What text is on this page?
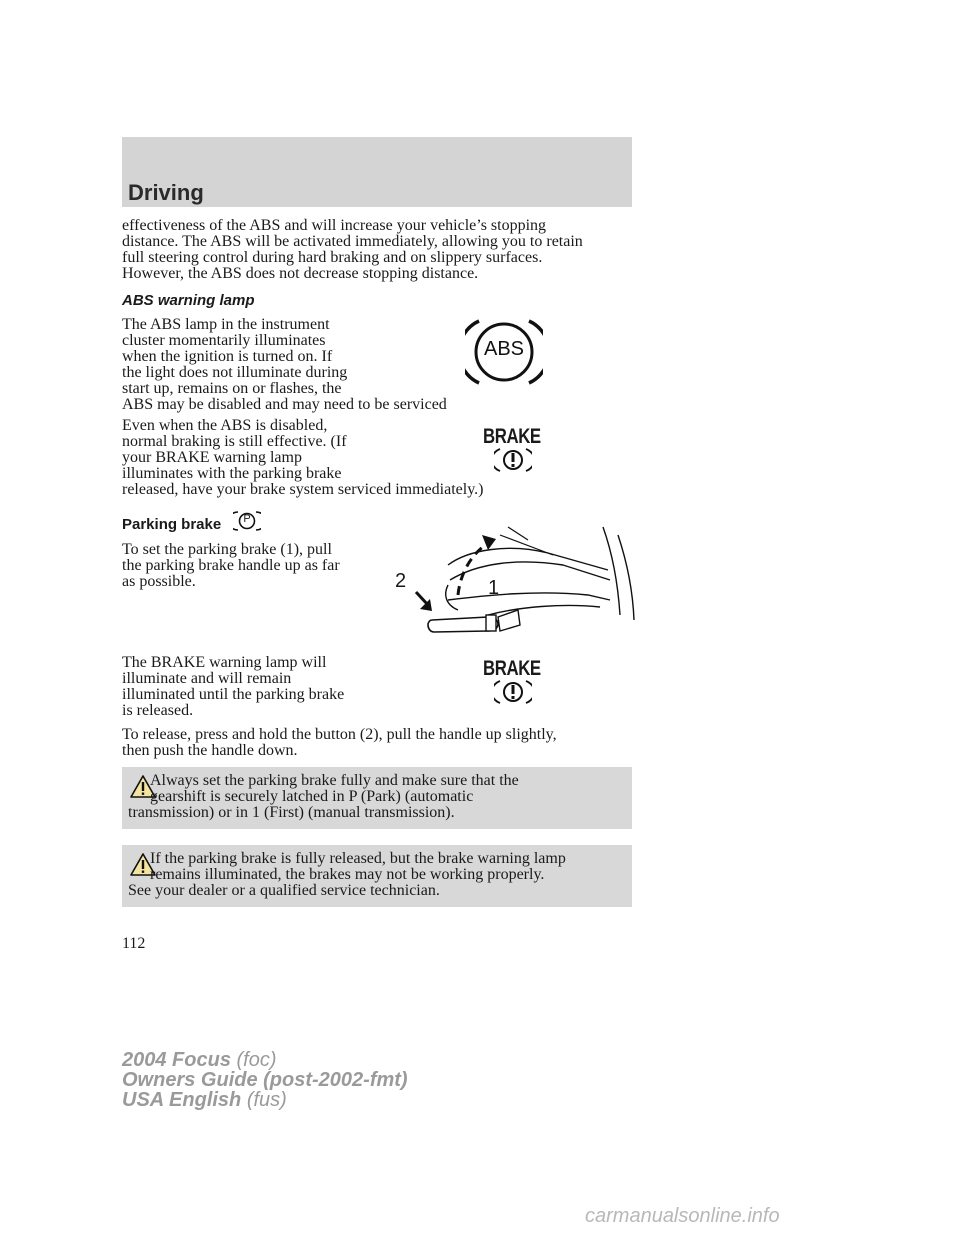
Driving
effectiveness of the ABS and will increase your vehicle’s stopping
distance. The ABS will be activated immediately, allowing you to retain
full steering control during hard braking and on slippery surfaces.
However, the ABS does not decrease stopping distance.
ABS warning lamp
The ABS lamp in the instrument
cluster momentarily illuminates
when the ignition is turned on. If
the light does not illuminate during
start up, remains on or flashes, the
ABS may be disabled and may need to be serviced
ABS
Even when the ABS is disabled,
normal braking is still effective. (If
your BRAKE warning lamp
illuminates with the parking brake
released, have your brake system serviced immediately.)
BRAKE
Parking brake	P
To set the parking brake (1), pull
the parking brake handle up as far
as possible.	1
2
The BRAKE warning lamp will
illuminate and will remain
illuminated until the parking brake
is released.
BRAKE
To release, press and hold the button (2), pull the handle up slightly,
then push the handle down.
Always set the parking brake fully and make sure that the
gearshift is securely latched in P (Park) (automatic
transmission) or in 1 (First) (manual transmission).
If the parking brake is fully released, but the brake warning lamp
remains illuminated, the brakes may not be working properly.
See your dealer or a qualified service technician.
112
2004 Focus (foc)
Owners Guide (post-2002-fmt)
USA English (fus)
carmanualsonline.info
